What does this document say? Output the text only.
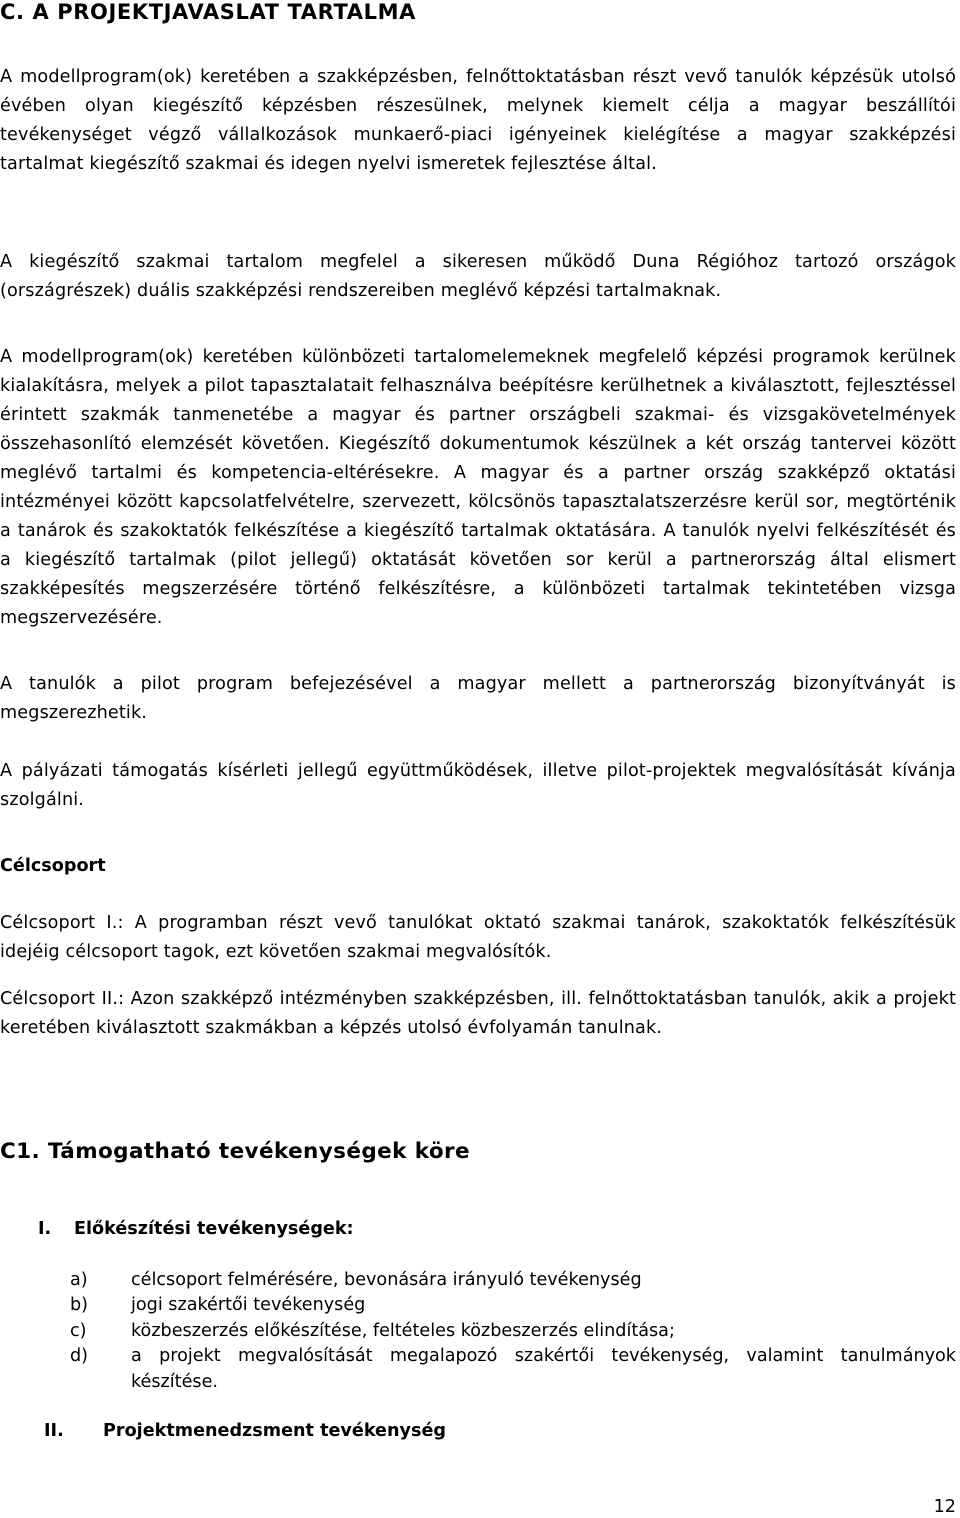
C. A PROJEKTJAVASLAT TARTALMA

A modellprogram(ok) keretében a szakképzésben, felnőttoktatásban részt vevő tanulók képzésük utolsó évében olyan kiegészítő képzésben részesülnek, melynek kiemelt célja a magyar beszállítói tevékenységet végző vállalkozások munkaerő-piaci igényeinek kielégítése a magyar szakképzési tartalmat kiegészítő szakmai és idegen nyelvi ismeretek fejlesztése által.

A kiegészítő szakmai tartalom megfelel a sikeresen működő Duna Régióhoz tartozó országok (országrészek) duális szakképzési rendszereiben meglévő képzési tartalmaknak.

A modellprogram(ok) keretében különbözeti tartalomelemeknek megfelelő képzési programok kerülnek kialakításra, melyek a pilot tapasztalatait felhasználva beépítésre kerülhetnek a kiválasztott, fejlesztéssel érintett szakmák tanmenetébe a magyar és partner országbeli szakmai- és vizsgakövetelmények összehasonlító elemzését követően. Kiegészítő dokumentumok készülnek a két ország tantervei között meglévő tartalmi és kompetencia-eltérésekre. A magyar és a partner ország szakképző oktatási intézményei között kapcsolatfelvételre, szervezett, kölcsönös tapasztalatszerzésre kerül sor, megtörténik a tanárok és szakoktatók felkészítése a kiegészítő tartalmak oktatására. A tanulók nyelvi felkészítését és a kiegészítő tartalmak (pilot jellegű) oktatását követően sor kerül a partnerország által elismert szakképesítés megszerzésére történő felkészítésre, a különbözeti tartalmak tekintetében vizsga megszervezésére.

A tanulók a pilot program befejezésével a magyar mellett a partnerország bizonyítványát is megszerezhetik.

A pályázati támogatás kísérleti jellegű együttműködések, illetve pilot-projektek megvalósítását kívánja szolgálni.

Célcsoport

Célcsoport I.: A programban részt vevő tanulókat oktató szakmai tanárok, szakoktatók felkészítésük idejéig célcsoport tagok, ezt követően szakmai megvalósítók.

Célcsoport II.: Azon szakképző intézményben szakképzésben, ill. felnőttoktatásban tanulók, akik a projekt keretében kiválasztott szakmákban a képzés utolsó évfolyamán tanulnak.

C1. Támogatható tevékenységek köre
I. Előkészítési tevékenységek:
a) célcsoport felmérésére, bevonására irányuló tevékenység

b) jogi szakértői tevékenység

c)	közbeszerzés előkészítése, feltételes közbeszerzés elindítása;

d) a projekt megvalósítását megalapozó szakértői tevékenység, valamint tanulmányok készítése.

II. Projektmenedzsment tevékenység
12
